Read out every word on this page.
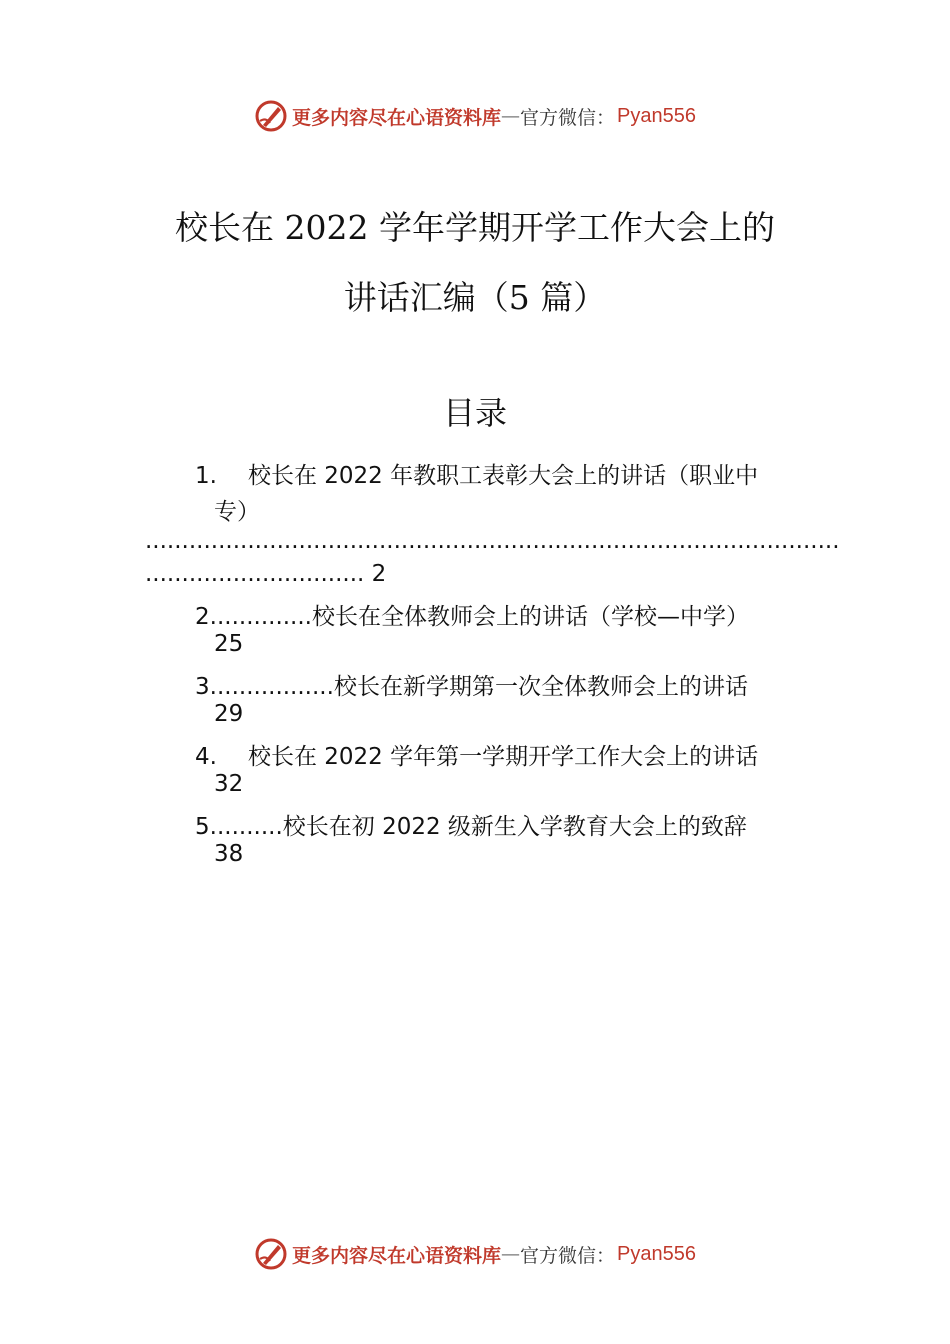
更多内容尽在心语资料库 — 官方微信： Pyan556
校长在 2022 学年学期开学工作大会上的
讲话汇编（5 篇）
目录
1. 校长在 2022 年教职工表彰大会上的讲话（职业中
专）
...............................................................................................
.............................. 2
2..............校长在全体教师会上的讲话（学校—中学）
25
3.................校长在新学期第一次全体教师会上的讲话
29
4. 校长在 2022 学年第一学期开学工作大会上的讲话
32
5..........校长在初 2022 级新生入学教育大会上的致辞
38
更多内容尽在心语资料库 — 官方微信： Pyan556
